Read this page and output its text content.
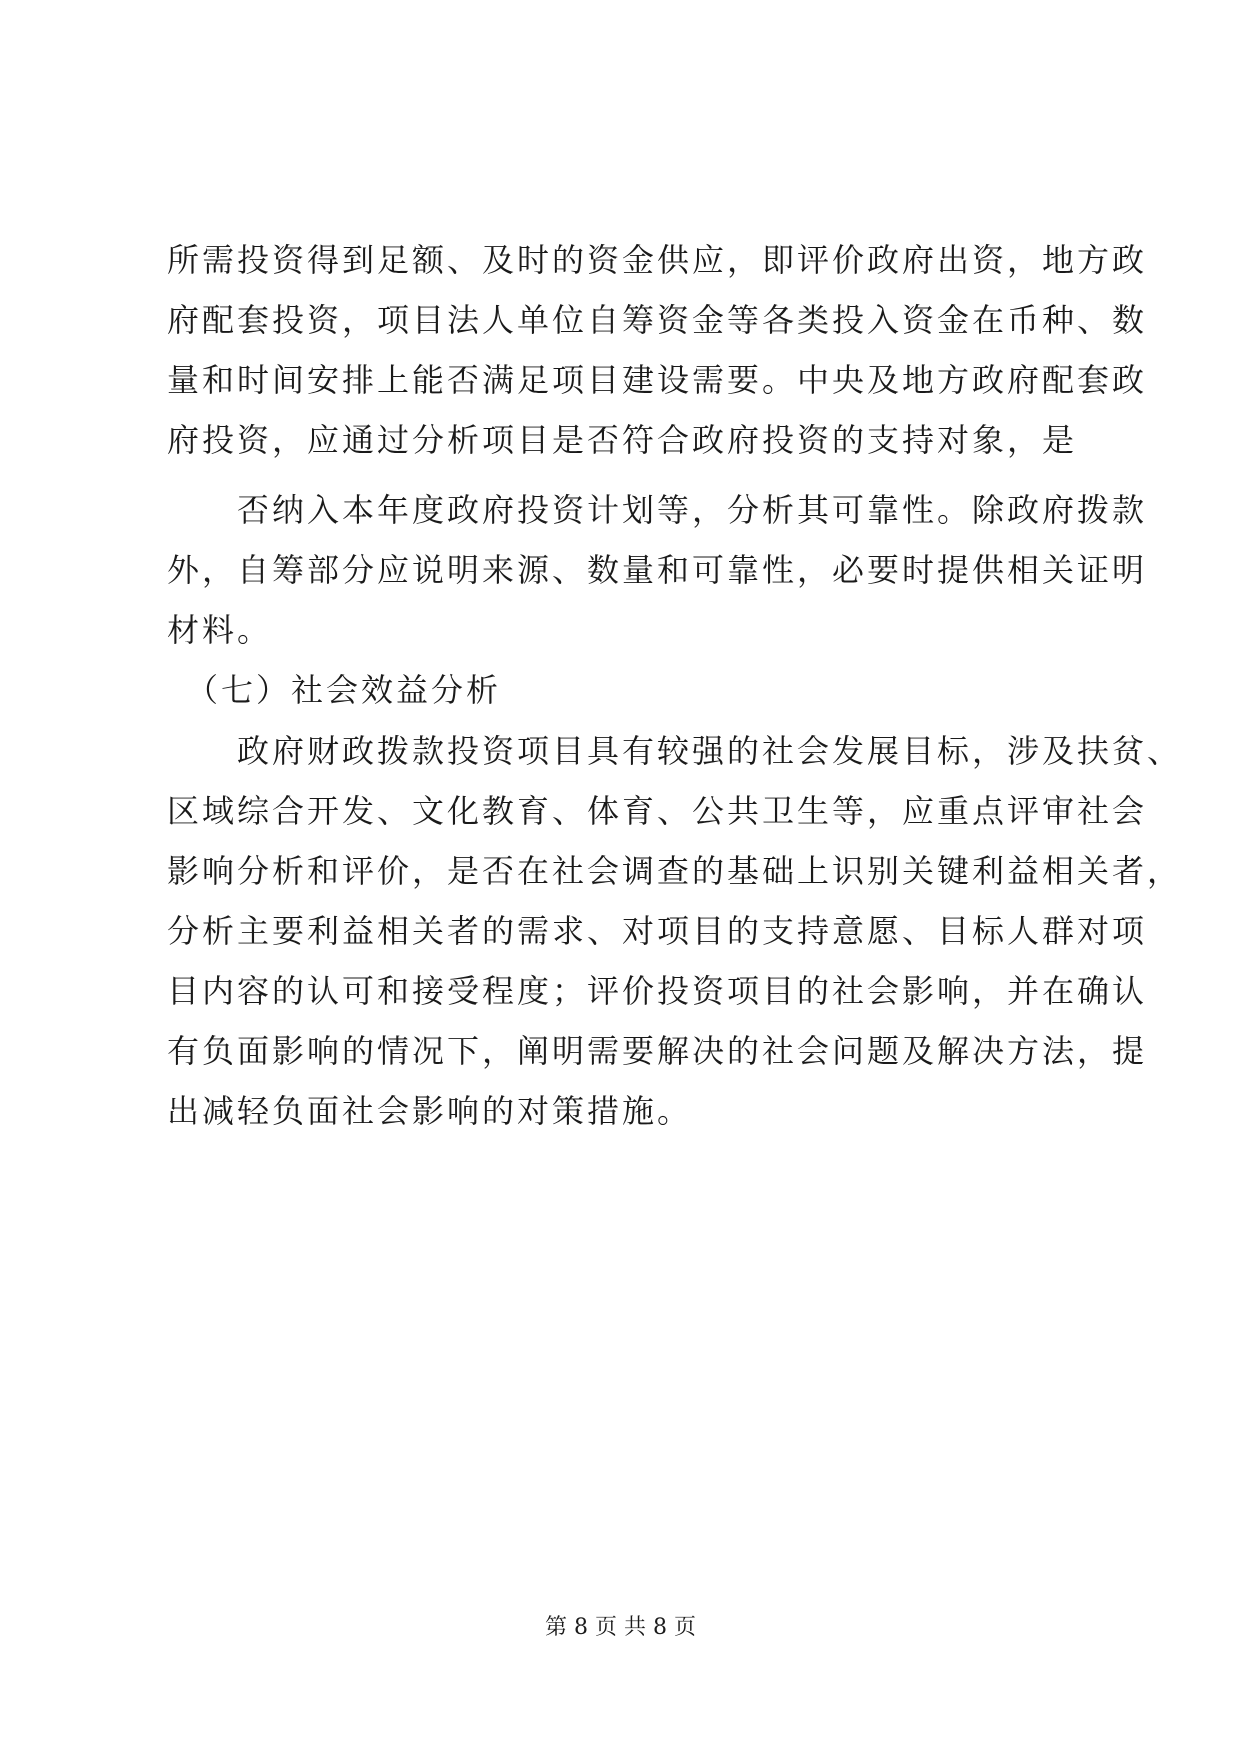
所需投资得到足额、及时的资金供应，即评价政府出资，地方政
府配套投资，项目法人单位自筹资金等各类投入资金在币种、数
量和时间安排上能否满足项目建设需要。中央及地方政府配套政
府投资，应通过分析项目是否符合政府投资的支持对象，是
　　否纳入本年度政府投资计划等，分析其可靠性。除政府拨款
外，自筹部分应说明来源、数量和可靠性，必要时提供相关证明
材料。
　（七）社会效益分析
　　政府财政拨款投资项目具有较强的社会发展目标，涉及扶贫、
区域综合开发、文化教育、体育、公共卫生等，应重点评审社会
影响分析和评价，是否在社会调查的基础上识别关键利益相关者，
分析主要利益相关者的需求、对项目的支持意愿、目标人群对项
目内容的认可和接受程度；评价投资项目的社会影响，并在确认
有负面影响的情况下，阐明需要解决的社会问题及解决方法，提
出减轻负面社会影响的对策措施。
第 8 页 共 8 页
